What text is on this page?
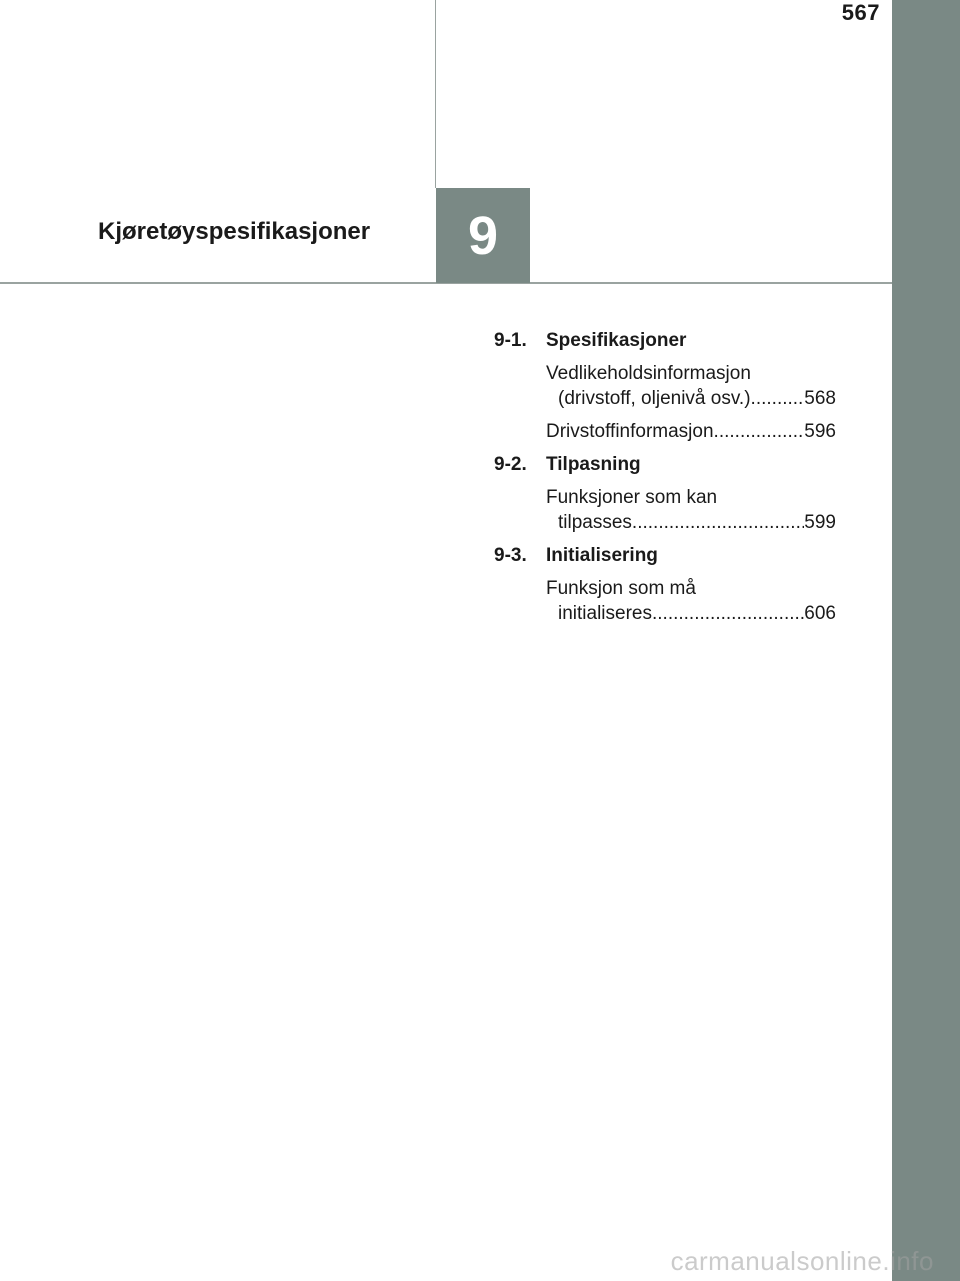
567
Kjøretøyspesifikasjoner 9
9-1.	Spesifikasjoner
Vedlikeholdsinformasjon
(drivstoff, oljenivå osv.) .....	568
Drivstoffinformasjon .....	596
9-2.	Tilpasning
Funksjoner som kan
tilpasses .....	599
9-3.	Initialisering
Funksjon som må
initialiseres .....	606
carmanualsonline.info
